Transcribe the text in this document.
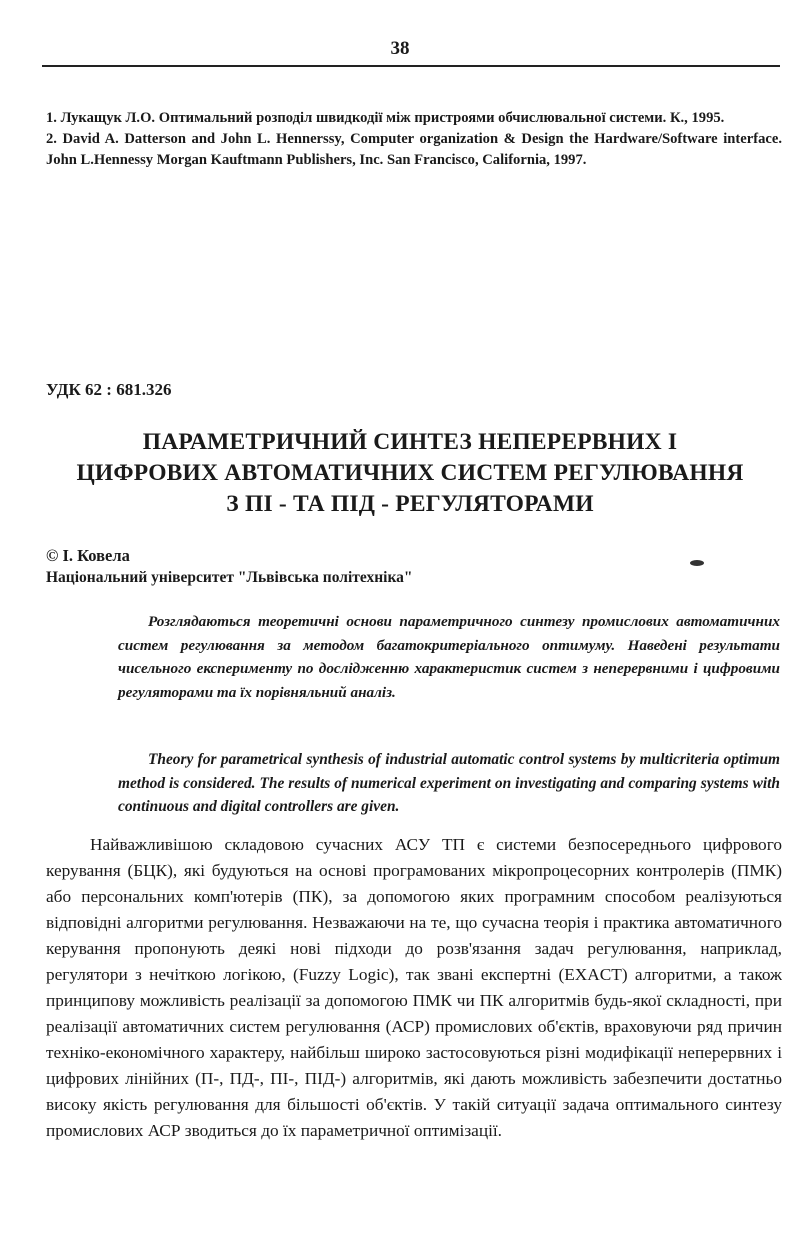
38

1. Лукащук Л.О. Оптимальний розподіл швидкодії між пристроями обчислювальної системи. К., 1995.

2. David A. Datterson and John L. Hennerssy, Computer organization & Design the Hardware/Software interface. John L.Hennessy Morgan Kauftmann Publishers, Inc. San Francisco, California, 1997.

УДК 62 : 681.326
ПАРАМЕТРИЧНИЙ СИНТЕЗ НЕПЕРЕРВНИХ І
ЦИФРОВИХ АВТОМАТИЧНИХ СИСТЕМ РЕГУЛЮВАННЯ
З ПІ - ТА ПІД - РЕГУЛЯТОРАМИ
© І. Ковела
Національний університет "Львівська політехніка"

Розглядаються теоретичні основи параметричного синтезу промислових автоматичних систем регулювання за методом багатокритеріального оптимуму. Наведені результати чисельного експерименту по дослідженню характеристик систем з неперервними і цифровими регуляторами та їх порівняльний аналіз.

Theory for parametrical synthesis of industrial automatic control systems by multicriteria optimum method is considered. The results of numerical experiment on investigating and comparing systems with continuous and digital controllers are given.

Найважливішою складовою сучасних АСУ ТП є системи безпосереднього цифрового керування (БЦК), які будуються на основі програмованих мікропроцесорних контролерів (ПМК) або персональних комп'ютерів (ПК), за допомогою яких програмним способом реалізуються відповідні алгоритми регулювання. Незважаючи на те, що сучасна теорія і практика автоматичного керування пропонують деякі нові підходи до розв'язання задач регулювання, наприклад, регулятори з нечіткою логікою, (Fuzzy Logic), так звані експертні (EXACT) алгоритми, а також принципову можливість реалізації за допомогою ПМК чи ПК алгоритмів будь-якої складності, при реалізації автоматичних систем регулювання (АСР) промислових об'єктів, враховуючи ряд причин техніко-економічного характеру, найбільш широко застосовуються різні модифікації неперервних і цифрових лінійних (П-, ПД-, ПІ-, ПІД-) алгоритмів, які дають можливість забезпечити достатньо високу якість регулювання для більшості об'єктів. У такій ситуації задача оптимального синтезу промислових АСР зводиться до їх параметричної оптимізації.
